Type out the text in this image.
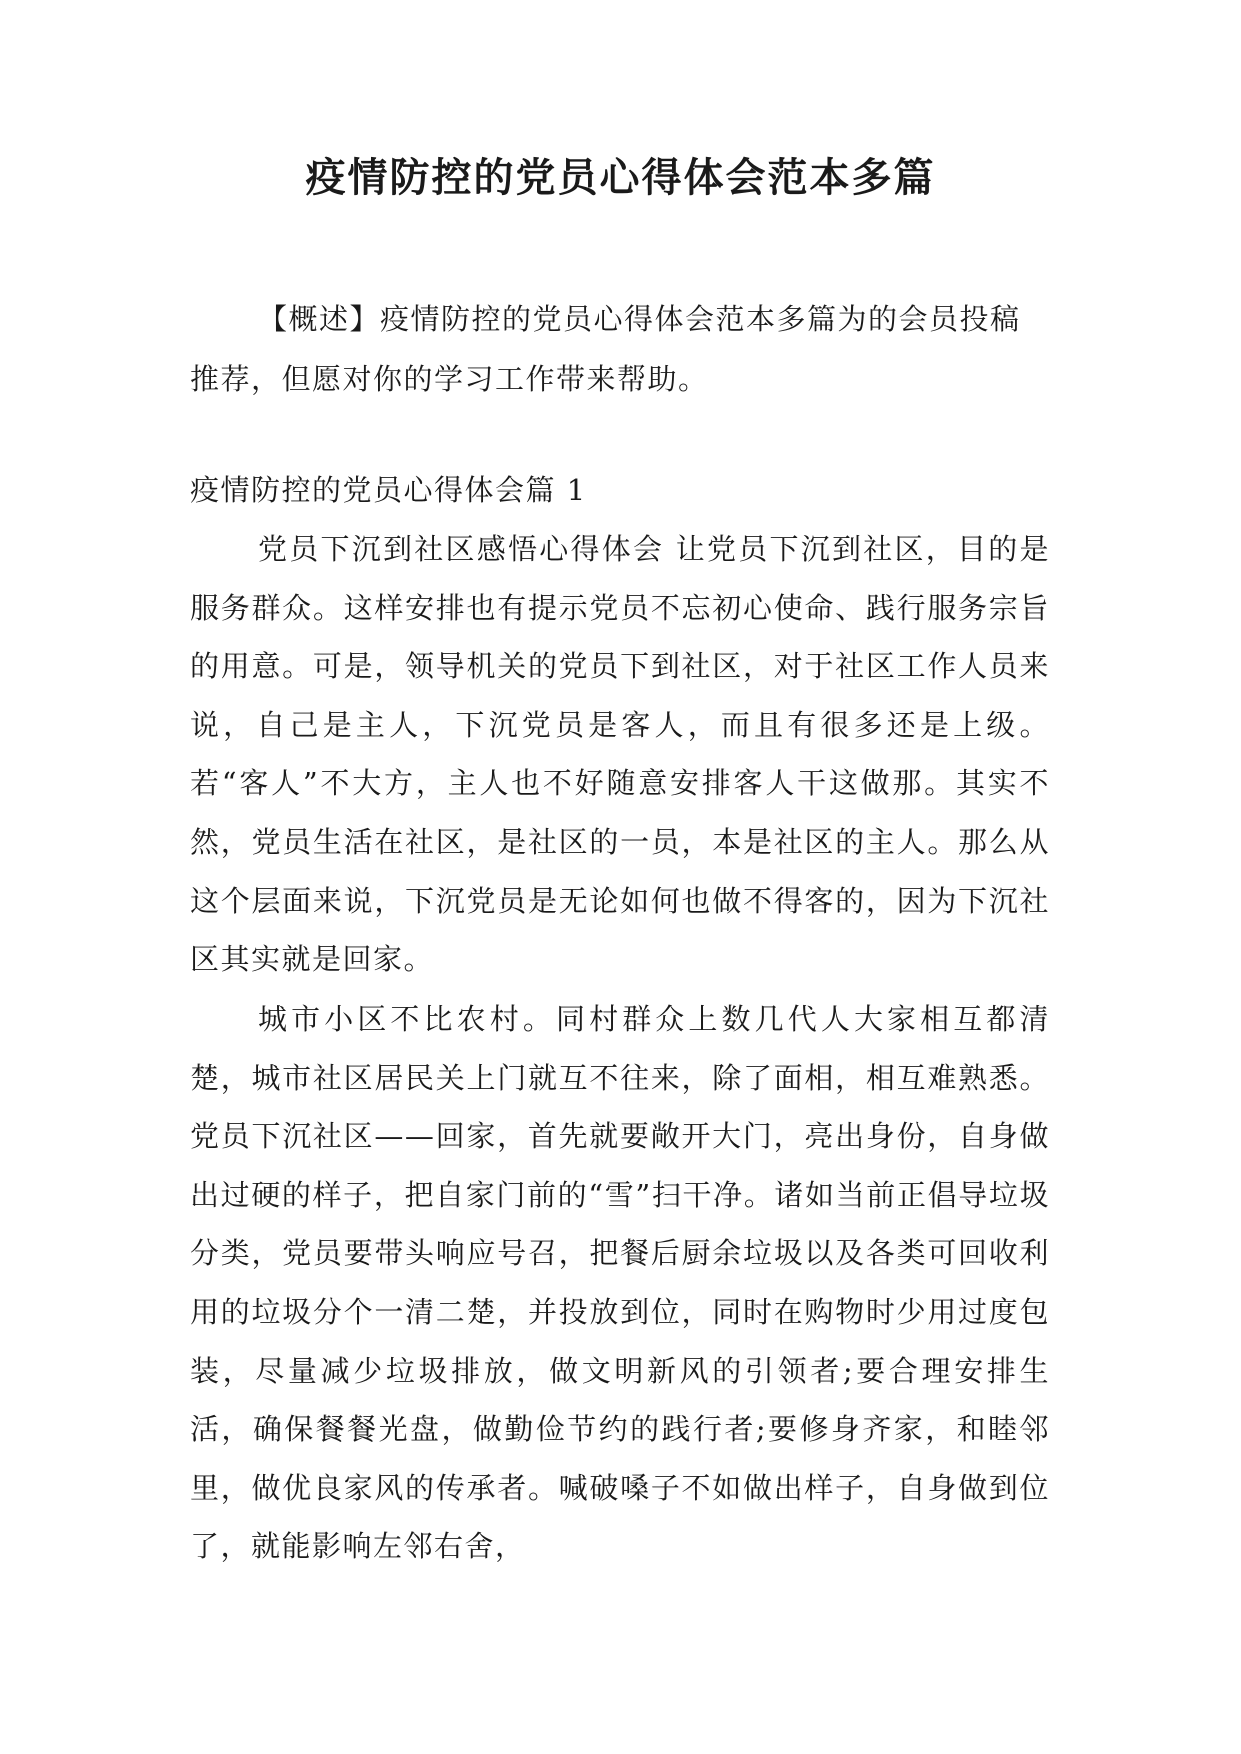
疫情防控的党员心得体会范本多篇

【概述】疫情防控的党员心得体会范本多篇为的会员投稿推荐，但愿对你的学习工作带来帮助。

疫情防控的党员心得体会篇 1

党员下沉到社区感悟心得体会 让党员下沉到社区，目的是服务群众。这样安排也有提示党员不忘初心使命、践行服务宗旨的用意。可是，领导机关的党员下到社区，对于社区工作人员来说，自己是主人，下沉党员是客人，而且有很多还是上级。若“客人”不大方，主人也不好随意安排客人干这做那。其实不然，党员生活在社区，是社区的一员，本是社区的主人。那么从这个层面来说，下沉党员是无论如何也做不得客的，因为下沉社区其实就是回家。

城市小区不比农村。同村群众上数几代人大家相互都清楚，城市社区居民关上门就互不往来，除了面相，相互难熟悉。党员下沉社区——回家，首先就要敞开大门，亮出身份，自身做出过硬的样子，把自家门前的“雪”扫干净。诸如当前正倡导垃圾分类，党员要带头响应号召，把餐后厨余垃圾以及各类可回收利用的垃圾分个一清二楚，并投放到位，同时在购物时少用过度包装，尽量减少垃圾排放，做文明新风的引领者;要合理安排生活，确保餐餐光盘，做勤俭节约的践行者;要修身齐家，和睦邻里，做优良家风的传承者。喊破嗓子不如做出样子，自身做到位了，就能影响左邻右舍，
